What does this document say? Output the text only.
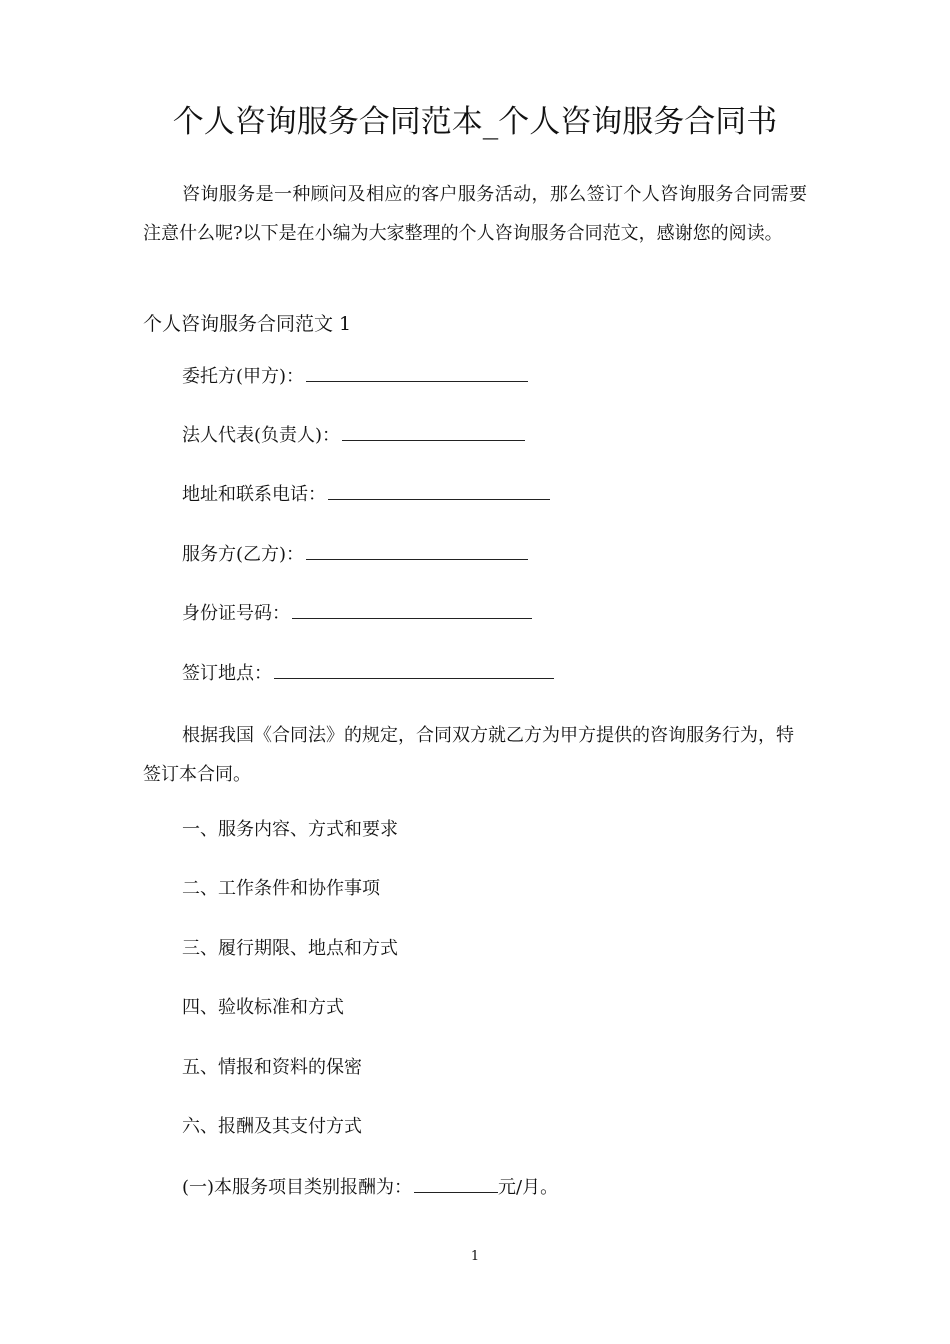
个人咨询服务合同范本_个人咨询服务合同书

咨询服务是一种顾问及相应的客户服务活动，那么签订个人咨询服务合同需要注意什么呢?以下是在小编为大家整理的个人咨询服务合同范文，感谢您的阅读。

个人咨询服务合同范文 1
委托方(甲方)：
法人代表(负责人)：
地址和联系电话：
服务方(乙方)：
身份证号码：
签订地点：

根据我国《合同法》的规定，合同双方就乙方为甲方提供的咨询服务行为，特签订本合同。

一、服务内容、方式和要求
二、工作条件和协作事项
三、履行期限、地点和方式
四、验收标准和方式
五、情报和资料的保密
六、报酬及其支付方式
(一)本服务项目类别报酬为：	元/月。
1
